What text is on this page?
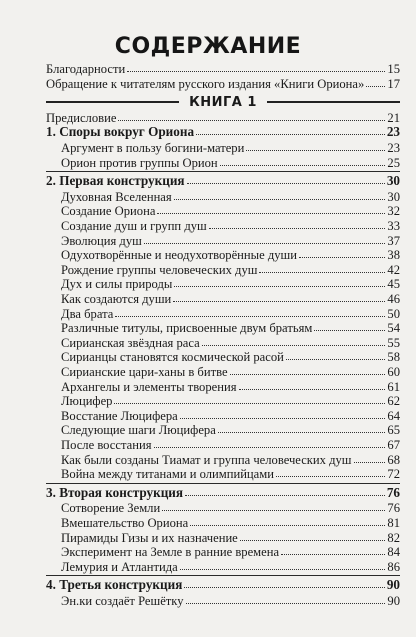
СОДЕРЖАНИЕ
Благодарности	15
Обращение к читателям русского издания «Книги Ориона» 17
КНИГА 1
Предисловие	21
1. Споры вокруг Ориона	23
Аргумент в пользу богини-матери	23
Орион против группы Орион	25
2. Первая конструкция	30
Духовная Вселенная	30
Создание Ориона	32
Создание душ и групп душ	33
Эволюция душ	37
Одухотворённые и неодухотворённые души	38
Рождение группы человеческих душ	42
Дух и силы природы	45
Как создаются души	46
Два брата	50
Различные титулы, присвоенные двум братьям	54
Сирианская звёздная раса	55
Сирианцы становятся космической расой	58
Сирианские цари-ханы в битве	60
Архангелы и элементы творения	61
Люцифер	62
Восстание Люцифера	64
Следующие шаги Люцифера	65
После восстания	67
Как были созданы Тиамат и группа человеческих душ	68
Война между титанами и олимпийцами	72
3. Вторая конструкция	76
Сотворение Земли	76
Вмешательство Ориона	81
Пирамиды Гизы и их назначение	82
Эксперимент на Земле в ранние времена	84
Лемурия и Атлантида	86
4. Третья конструкция	90
Эн.ки создаёт Решётку	90
